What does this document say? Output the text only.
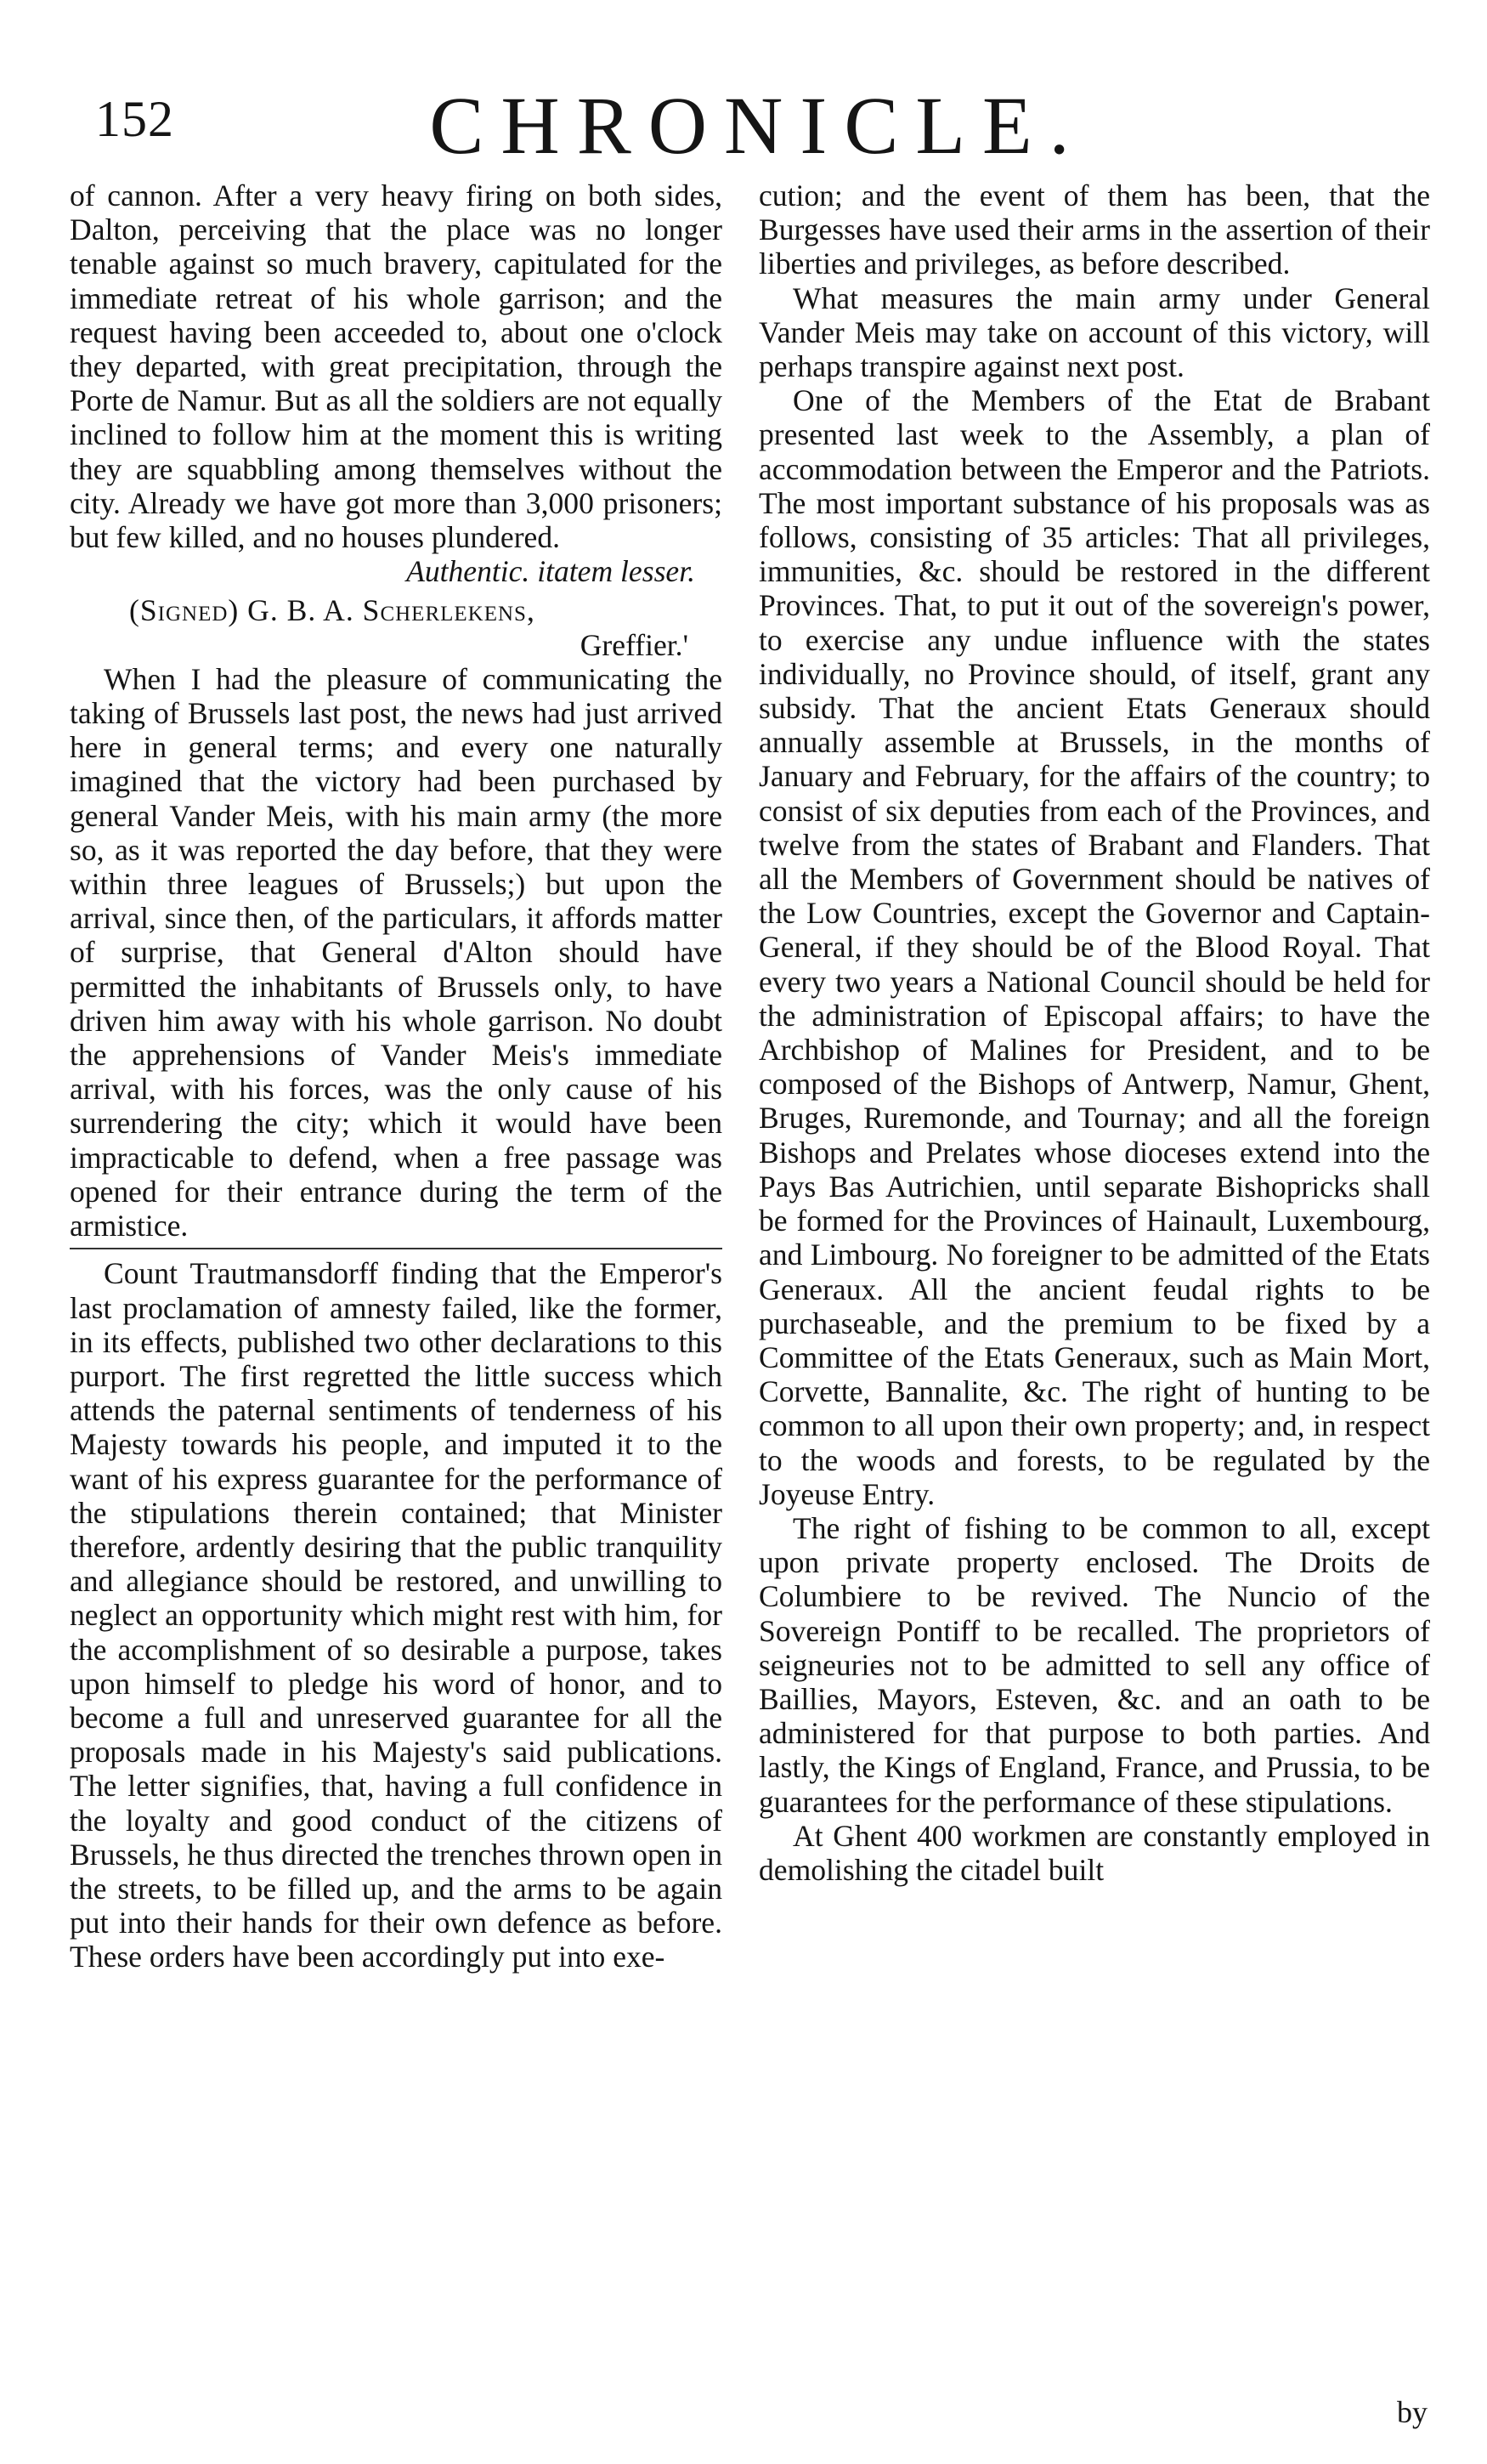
152	CHRONICLE.

of cannon. After a very heavy firing on both sides, Dalton, perceiving that the place was no longer tenable against so much bravery, capitulated for the immediate retreat of his whole garrison; and the request having been acceeded to, about one o'clock they departed, with great precipitation, through the Porte de Namur. But as all the soldiers are not equally inclined to follow him at the moment this is writing they are squabbling among themselves without the city. Already we have got more than 3,000 prisoners; but few killed, and no houses plundered.

Authentic. itatem lesser.
(Signed) G. B. A. Scherlekens,
Greffier.'

When I had the pleasure of communicating the taking of Brussels last post, the news had just arrived here in general terms; and every one naturally imagined that the victory had been purchased by general Vander Meis, with his main army (the more so, as it was reported the day before, that they were within three leagues of Brussels;) but upon the arrival, since then, of the particulars, it affords matter of surprise, that General d'Alton should have permitted the inhabitants of Brussels only, to have driven him away with his whole garrison. No doubt the apprehensions of Vander Meis's immediate arrival, with his forces, was the only cause of his surrendering the city; which it would have been impracticable to defend, when a free passage was opened for their entrance during the term of the armistice.

Count Trautmansdorff finding that the Emperor's last proclamation of amnesty failed, like the former, in its effects, published two other declarations to this purport. The first regretted the little success which attends the paternal sentiments of tenderness of his Majesty towards his people, and imputed it to the want of his express guarantee for the performance of the stipulations therein contained; that Minister therefore, ardently desiring that the public tranquility and allegiance should be restored, and unwilling to neglect an opportunity which might rest with him, for the accomplishment of so desirable a purpose, takes upon himself to pledge his word of honor, and to become a full and unreserved guarantee for all the proposals made in his Majesty's said publications. The letter signifies, that, having a full confidence in the loyalty and good conduct of the citizens of Brussels, he thus directed the trenches thrown open in the streets, to be filled up, and the arms to be again put into their hands for their own defence as before. These orders have been accordingly put into exe-

cution; and the event of them has been, that the Burgesses have used their arms in the assertion of their liberties and privileges, as before described.

What measures the main army under General Vander Meis may take on account of this victory, will perhaps transpire against next post.

One of the Members of the Etat de Brabant presented last week to the Assembly, a plan of accommodation between the Emperor and the Patriots. The most important substance of his proposals was as follows, consisting of 35 articles: That all privileges, immunities, &c. should be restored in the different Provinces. That, to put it out of the sovereign's power, to exercise any undue influence with the states individually, no Province should, of itself, grant any subsidy. That the ancient Etats Generaux should annually assemble at Brussels, in the months of January and February, for the affairs of the country; to consist of six deputies from each of the Provinces, and twelve from the states of Brabant and Flanders. That all the Members of Government should be natives of the Low Countries, except the Governor and Captain-General, if they should be of the Blood Royal. That every two years a National Council should be held for the administration of Episcopal affairs; to have the Archbishop of Malines for President, and to be composed of the Bishops of Antwerp, Namur, Ghent, Bruges, Ruremonde, and Tournay; and all the foreign Bishops and Prelates whose dioceses extend into the Pays Bas Autrichien, until separate Bishopricks shall be formed for the Provinces of Hainault, Luxembourg, and Limbourg. No foreigner to be admitted of the Etats Generaux. All the ancient feudal rights to be purchaseable, and the premium to be fixed by a Committee of the Etats Generaux, such as Main Mort, Corvette, Bannalite, &c. The right of hunting to be common to all upon their own property; and, in respect to the woods and forests, to be regulated by the Joyeuse Entry.

The right of fishing to be common to all, except upon private property enclosed. The Droits de Columbiere to be revived. The Nuncio of the Sovereign Pontiff to be recalled. The proprietors of seigneuries not to be admitted to sell any office of Baillies, Mayors, Esteven, &c. and an oath to be administered for that purpose to both parties. And lastly, the Kings of England, France, and Prussia, to be guarantees for the performance of these stipulations.

At Ghent 400 workmen are constantly employed in demolishing the citadel built

by
